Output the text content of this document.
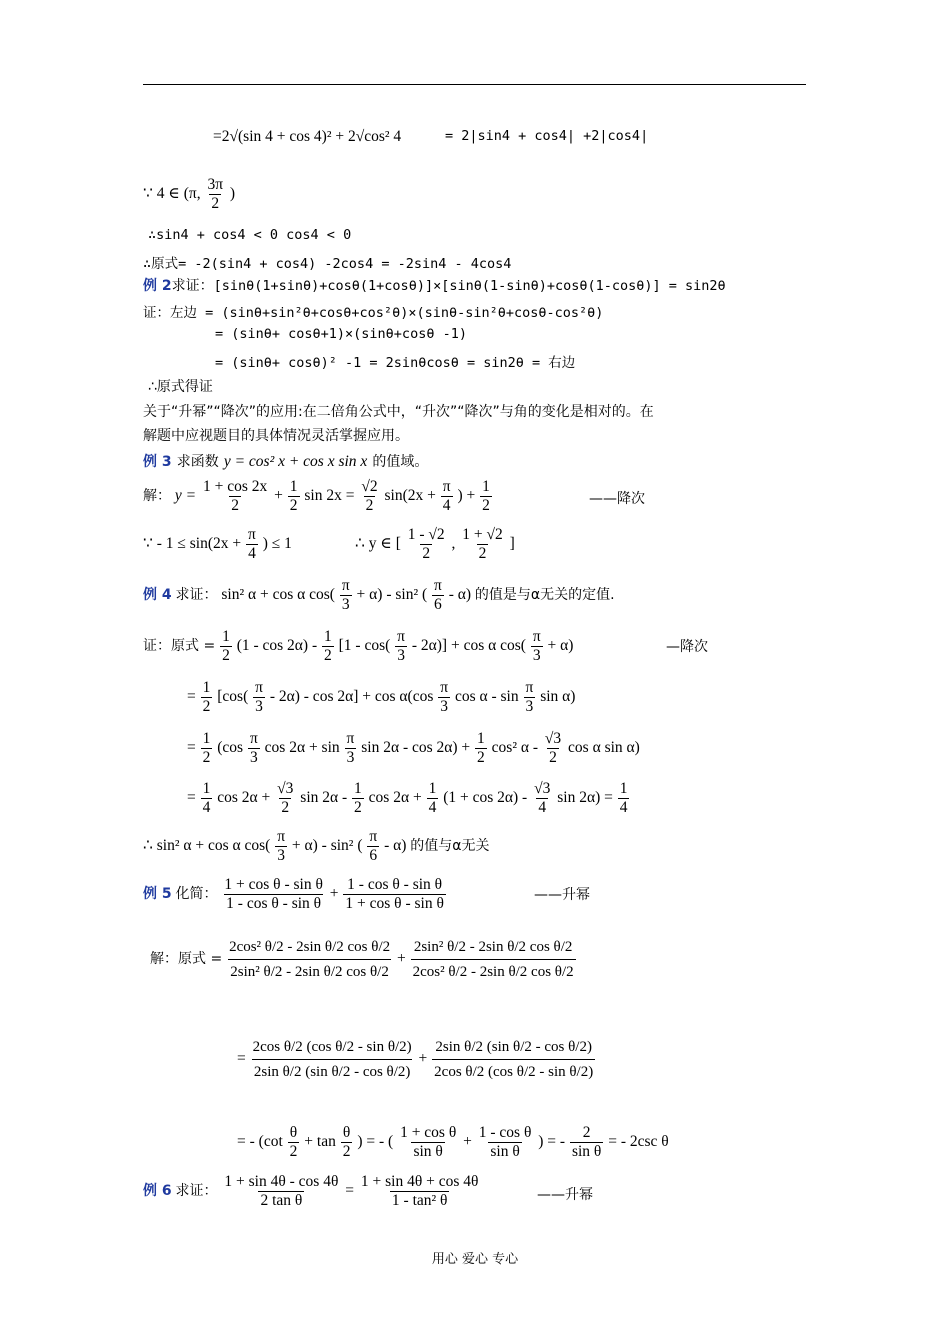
=2√(sin 4 + cos 4)² + 2√cos² 4	= 2|sin4 + cos4| +2|cos4|
∵ 4 ∈ (π, $\frac{3\pi}{2}$ )
∴sin4 + cos4 < 0 cos4 < 0
∴原式= -2(sin4 + cos4) -2cos4 = -2sin4 - 4cos4
例 2求证：[sinθ(1+sinθ)+cosθ(1+cosθ)]×[sinθ(1-sinθ)+cosθ(1-cosθ)] = sin2θ
证：左边 = (sinθ+sin²θ+cosθ+cos²θ)×(sinθ-sin²θ+cosθ-cos²θ)
= (sinθ+ cosθ+1)×(sinθ+cosθ -1)
= (sinθ+ cosθ)² -1 = 2sinθcosθ = sin2θ = 右边
∴原式得证
关于“升幂”“降次”的应用:在二倍角公式中，“升次”“降次”与角的变化是相对的。在
解题中应视题目的具体情况灵活掌握应用。
例 3 求函数 y = cos² x + cos x sin x 的值域。
解： $y = \frac{1 + \cos 2x}{2} + \frac{1}{2}$ $\sin 2x = \frac{√2}{2} \sin(2x + \frac{\pi}{4}$ ) + $\frac{1}{2}$	——降次
∵ - $1 \le \sin(2x + \frac{\pi}{4}$ ) ≤ 1	∴ y ∈ [ $\frac{1 - √2}{2}$ , $\frac{1 + √2}{2}$ ]
例 4 求证： sin² α + cos α $\cos( \frac{\pi}{3} + \alpha) - \sin^2$ ( $\frac{\pi}{6} - \alpha$) 的值是与α无关的定值.
证：原式 = $\frac{1}{2} (1 - \cos 2\alpha) - \frac{1}{2} [1 - \cos( \frac{\pi}{3} - 2\alpha)] + \cos \alpha$ $\cos( \frac{\pi}{3} + \alpha)$	—降次
= $\frac{1}{2} [\cos( \frac{\pi}{3} - 2\alpha) - \cos 2\alpha] + \cos \alpha(\cos \frac{\pi}{3}$ cos α - $\sin \frac{\pi}{3}$ sin α)
= $\frac{1}{2} (\cos \frac{\pi}{3}$ $\cos 2\alpha + \sin \frac{\pi}{3}$ $\sin 2\alpha - \cos 2\alpha) + \frac{1}{2} \cos^2$ α - $\frac{√3}{2}$ cos α sin α)
= $\frac{1}{4}$ $\cos 2\alpha + \frac{√3}{2}$ $\sin 2\alpha - \frac{1}{2}$ $\cos 2\alpha + \frac{1}{4} (1 + \cos 2\alpha) - \frac{√3}{4}$ $\sin 2\alpha) = \frac{1}{4}$
∴ sin² α + cos α $\cos( \frac{\pi}{3} + \alpha) - \sin^2$ ( $\frac{\pi}{6} - \alpha$) 的值与α无关
例 5 化简： $\frac{\text{1 + cos θ - sin θ}}{\text{1 - cos θ - sin θ}} + \frac{\text{1 - cos θ - sin θ}}{\text{1 + cos θ - sin θ}}$	——升幂
解：原式 = $\frac{\text{2cos² θ/2 - 2sin θ/2 cos θ/2}}{\text{2sin² θ/2 - 2sin θ/2 cos θ/2}} + \frac{\text{2sin² θ/2 - 2sin θ/2 cos θ/2}}{\text{2cos² θ/2 - 2sin θ/2 cos θ/2}}$
= $\frac{\text{2cos θ/2 (cos θ/2 - sin θ/2)}}{\text{2sin θ/2 (sin θ/2 - cos θ/2)}} + \frac{\text{2sin θ/2 (sin θ/2 - cos θ/2)}}{\text{2cos θ/2 (cos θ/2 - sin θ/2)}}$
= - ($\cot \frac{\theta}{2} + \tan \frac{\theta}{2}$ ) = - ( $\frac{\text{1 + cos θ}}{\text{sin θ}} + \frac{\text{1 - cos θ}}{\text{sin θ}}$ ) = - $\frac{2}{\text{sin θ}}$ = - 2csc θ
例 6 求证： $\frac{1 + \sin 4\theta - \cos 4\theta}{\text{2 tan θ}} = \frac{1 + \sin 4\theta + \cos 4\theta}{\text{1 - tan² θ}}$	——升幂
用心 爱心 专心
